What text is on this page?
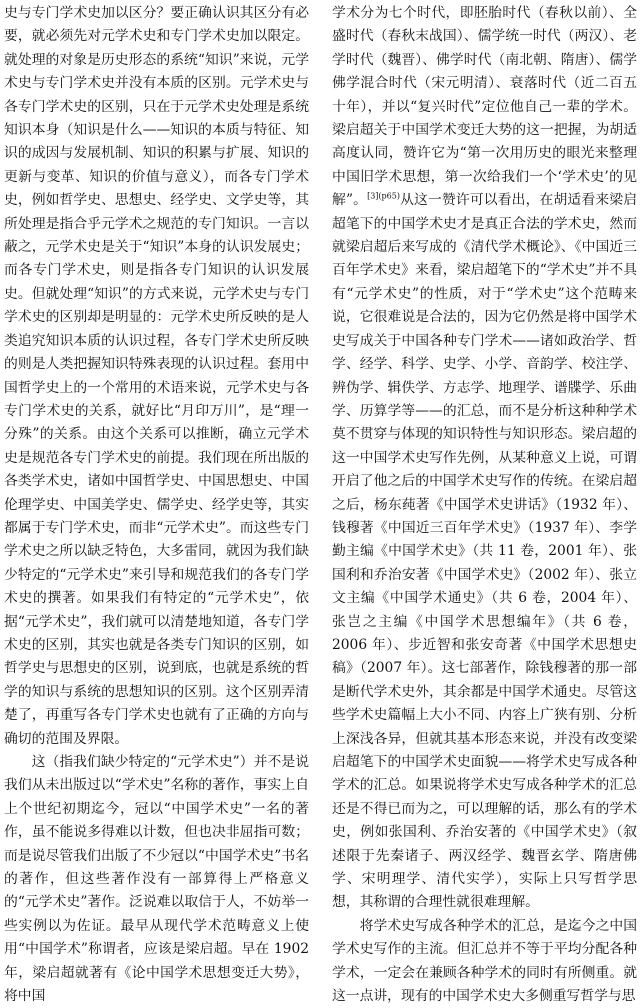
史与专门学术史加以区分？要正确认识其区分有必要，就必须先对元学术史和专门学术史加以限定。就处理的对象是历史形态的系统“知识”来说，元学术史与专门学术史并没有本质的区别。元学术史与各专门学术史的区别，只在于元学术史处理是系统知识本身（知识是什么——知识的本质与特征、知识的成因与发展机制、知识的积累与扩展、知识的更新与变革、知识的价值与意义），而各专门学术史，例如哲学史、思想史、经学史、文学史等，其所处理是指合乎元学术之规范的专门知识。一言以蔽之，元学术史是关于“知识”本身的认识发展史；而各专门学术史，则是指各专门知识的认识发展史。但就处理“知识”的方式来说，元学术史与专门学术史的区别却是明显的：元学术史所反映的是人类追究知识本质的认识过程，各专门学术史所反映的则是人类把握知识特殊表现的认识过程。套用中国哲学史上的一个常用的术语来说，元学术史与各专门学术史的关系，就好比“月印万川”，是“理一分殊”的关系。由这个关系可以推断，确立元学术史是规范各专门学术史的前提。我们现在所出版的各类学术史，诸如中国哲学史、中国思想史、中国伦理学史、中国美学史、儒学史、经学史等，其实都属于专门学术史，而非“元学术史”。而这些专门学术史之所以缺乏特色，大多雷同，就因为我们缺少特定的“元学术史”来引导和规范我们的各专门学术史的撰著。如果我们有特定的“元学术史”，依据“元学术史”，我们就可以清楚地知道，各专门学术史的区别，其实也就是各类专门知识的区别，如哲学史与思想史的区别，说到底，也就是系统的哲学的知识与系统的思想知识的区别。这个区别弄清楚了，再重写各专门学术史也就有了正确的方向与确切的范围及界限。

这（指我们缺少特定的“元学术史”）并不是说我们从未出版过以“学术史”名称的著作，事实上自上个世纪初期迄今，冠以“中国学术史”一名的著作，虽不能说多得难以计数，但也决非屈指可数；而是说尽管我们出版了不少冠以“中国学术史”书名的著作，但这些著作没有一部算得上严格意义的“元学术史”著作。泛说难以取信于人，不妨举一些实例以为佐证。最早从现代学术范畴意义上使用“中国学术”称谓者，应该是梁启超。早在 1902 年，梁启超就著有《论中国学术思想变迁大势》，将中国

学术分为七个时代，即胚胎时代（春秋以前）、全盛时代（春秋末战国）、儒学统一时代（两汉）、老学时代（魏晋）、佛学时代（南北朝、隋唐）、儒学佛学混合时代（宋元明清）、衰落时代（近二百五十年），并以“复兴时代”定位他自己一辈的学术。梁启超关于中国学术变迁大势的这一把握，为胡适高度认同，赞许它为“第一次用历史的眼光来整理中国旧学术思想，第一次给我们一个‘学术史’的见解”。$^{[3](p65)}$从这一赞许可以看出，在胡适看来梁启超笔下的中国学术史才是真正合法的学术史，然而就梁启超后来写成的《清代学术概论》、《中国近三百年学术史》来看，梁启超笔下的“学术史”并不具有“元学术史”的性质，对于“学术史”这个范畴来说，它很难说是合法的，因为它仍然是将中国学术史写成关于中国各种专门学术——诸如政治学、哲学、经学、科学、史学、小学、音韵学、校注学、辨伪学、辑佚学、方志学、地理学、谱牒学、乐曲学、历算学等——的汇总，而不是分析这种种学术莫不贯穿与体现的知识特性与知识形态。梁启超的这一中国学术史写作先例，从某种意义上说，可谓开启了他之后的中国学术史写作的传统。在梁启超之后，杨东莼著《中国学术史讲话》（1932 年）、钱穆著《中国近三百年学术史》（1937 年）、李学勤主编《中国学术史》（共 11 卷，2001 年）、张国利和乔治安著《中国学术史》（2002 年）、张立文主编《中国学术通史》（共 6 卷，2004 年）、张岂之主编《中国学术思想编年》（共 6 卷，2006 年）、步近智和张安奇著《中国学术思想史稿》（2007 年）。这七部著作，除钱穆著的那一部是断代学术史外，其余都是中国学术通史。尽管这些学术史篇幅上大小不同、内容上广狭有别、分析上深浅各异，但就其基本形态来说，并没有改变梁启超笔下的中国学术史面貌——将学术史写成各种学术的汇总。如果说将学术史写成各种学术的汇总还是不得已而为之，可以理解的话，那么有的学术史，例如张国利、乔治安著的《中国学术史》（叙述限于先秦诸子、两汉经学、魏晋玄学、隋唐佛学、宋明理学、清代实学），实际上只写哲学思想，其称谓的合理性就很难理解。

将学术史写成各种学术的汇总，是迄今之中国学术史写作的主流。但汇总并不等于平均分配各种学术，一定会在兼顾各种学术的同时有所侧重。就这一点讲，现有的中国学术史大多侧重写哲学与思
